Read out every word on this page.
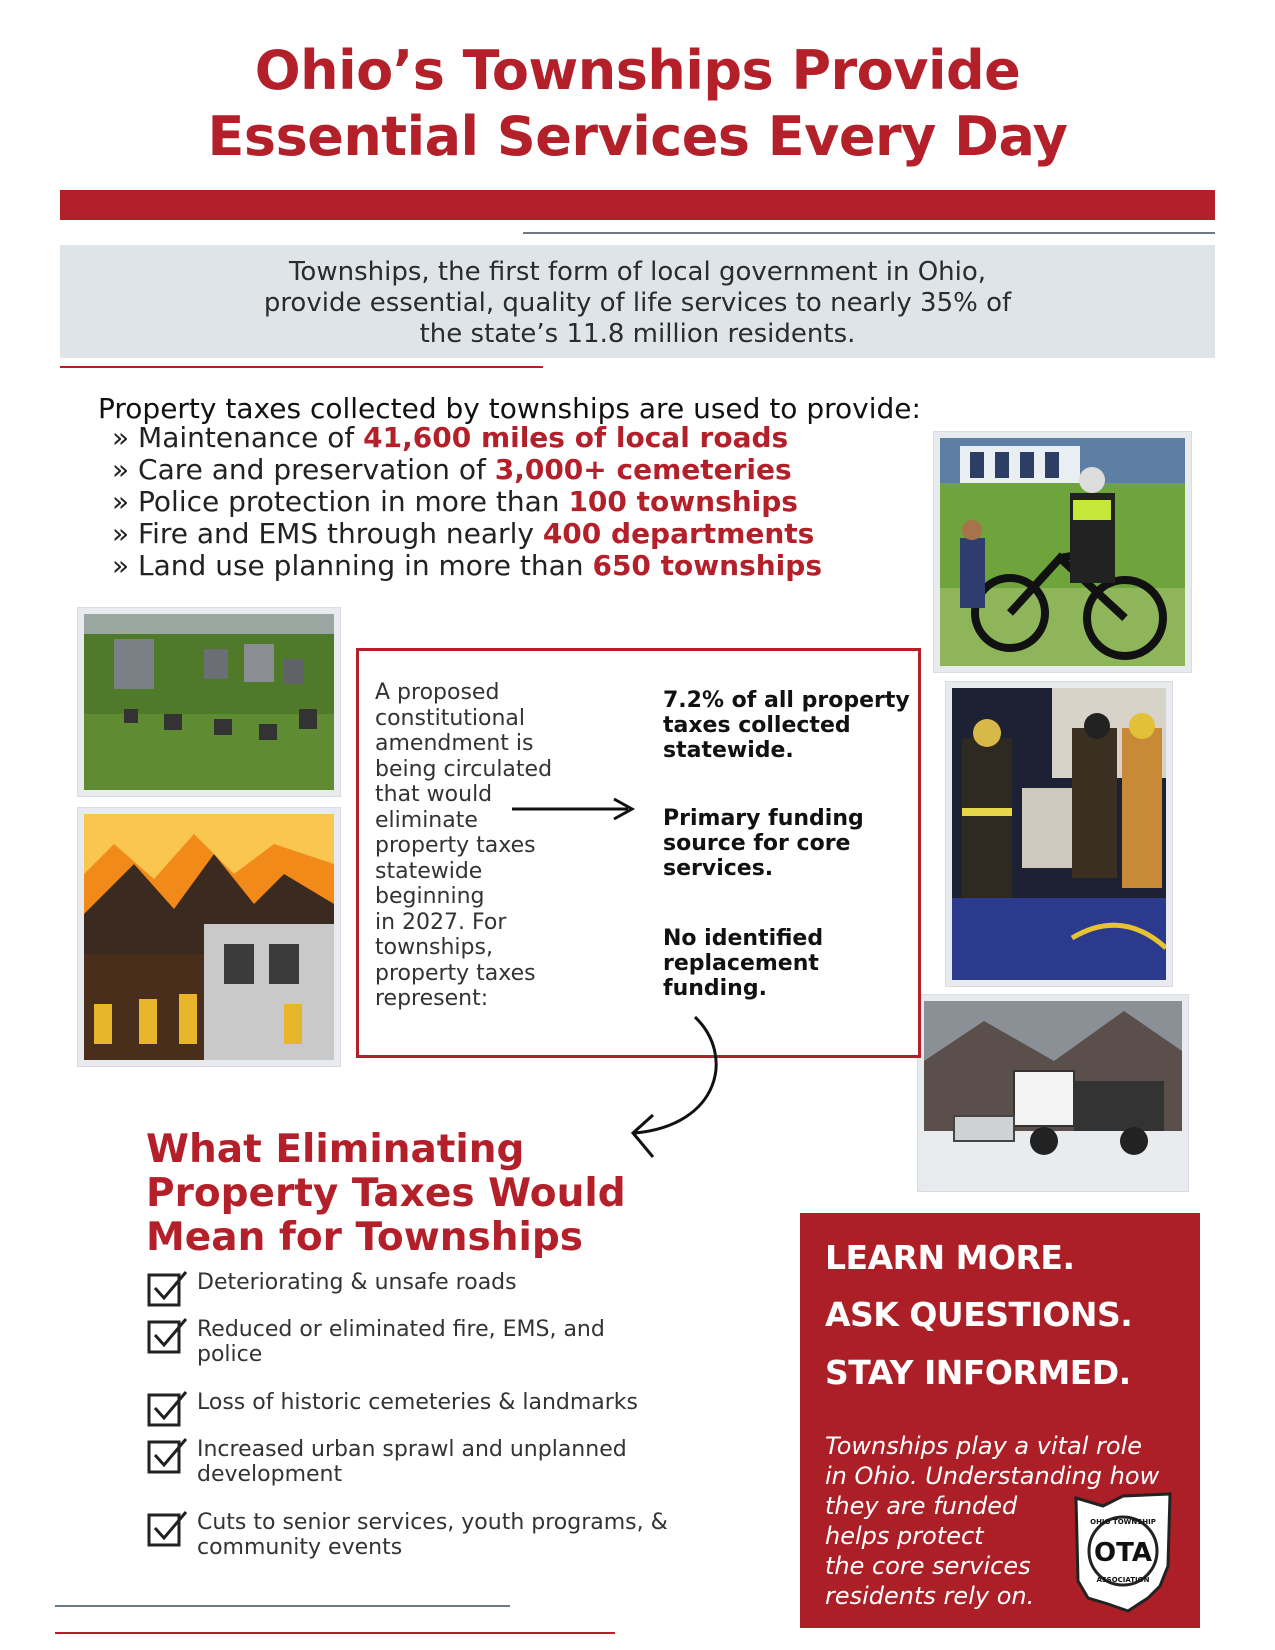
Ohio’s Townships Provide
Essential Services Every Day
Townships, the first form of local government in Ohio,
provide essential, quality of life services to nearly 35% of
the state’s 11.8 million residents.
Property taxes collected by townships are used to provide:
» Maintenance of 41,600 miles of local roads
» Care and preservation of 3,000+ cemeteries
» Police protection in more than 100 townships
» Fire and EMS through nearly 400 departments
» Land use planning in more than 650 townships
A proposed
constitutional
amendment is
being circulated
that would
eliminate
property taxes
statewide
beginning
in 2027. For
townships,
property taxes
represent:
7.2% of all property
taxes collected
statewide.
Primary funding
source for core
services.
No identified
replacement
funding.
What Eliminating
Property Taxes Would
Mean for Townships
Deteriorating & unsafe roads
Reduced or eliminated fire, EMS, and
police
Loss of historic cemeteries & landmarks
Increased urban sprawl and unplanned
development
Cuts to senior services, youth programs, &
community events
LEARN MORE.
ASK QUESTIONS.
STAY INFORMED.
Townships play a vital role
in Ohio. Understanding how
they are funded
helps protect
the core services
residents rely on.
OTA
OHIO TOWNSHIP
ASSOCIATION
